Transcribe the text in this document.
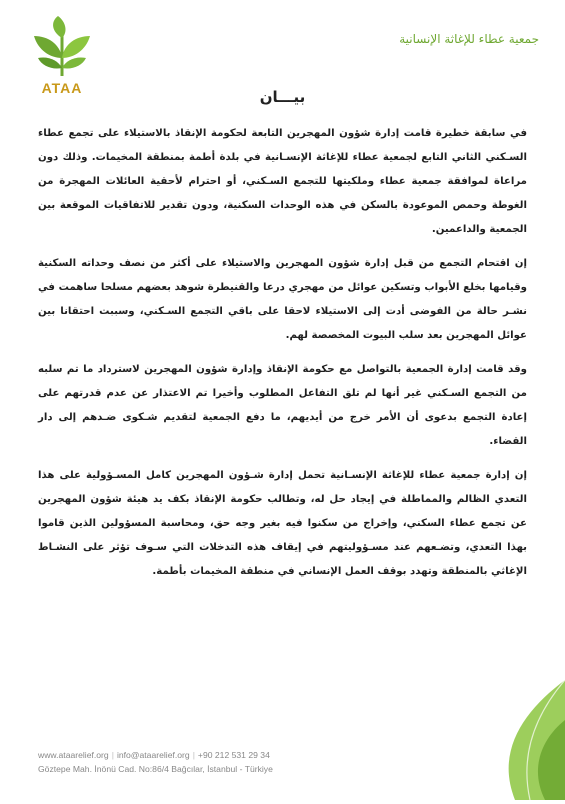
ATAA
جمعية عطاء للإغاثة الإنسانية
بيـــان

في سابقة خطيرة قامت إدارة شؤون المهجرين التابعة لحكومة الإنقاذ بالاستيلاء على تجمع عطاء السـكني الثاني التابع لجمعية عطاء للإغاثة الإنسـانية في بلدة أطمة بمنطقة المخيمات. وذلك دون مراعاة لموافقة جمعية عطاء وملكيتها للتجمع السـكني، أو احترام لأحقية العائلات المهجرة من الغوطة وحمص الموعودة بالسكن في هذه الوحدات السكنية، ودون تقدير للاتفاقيات الموقعة بين الجمعية والداعمين.

إن اقتحام التجمع من قبل إدارة شؤون المهجرين والاستيلاء على أكثر من نصف وحداته السكنية وقيامها بخلع الأبواب وتسكين عوائل من مهجري درعا والقنيطرة شوهد بعضهم مسلحا ساهمت في نشـر حالة من الفوضى أدت إلى الاستيلاء لاحقا على باقي التجمع السـكني، وسببت احتقانا بين عوائل المهجرين بعد سلب البيوت المخصصة لهم.

وقد قامت إدارة الجمعية بالتواصل مع حكومة الإنقاذ وإدارة شؤون المهجرين لاسترداد ما تم سلبه من التجمع السـكني غير أنها لم تلق التفاعل المطلوب وأخيرا تم الاعتذار عن عدم قدرتهم على إعادة التجمع بدعوى أن الأمر خرج من أيديهم، ما دفع الجمعية لتقديم شـكوى ضـدهم إلى دار القضاء.

إن إدارة جمعية عطاء للإغاثة الإنسـانية تحمل إدارة شـؤون المهجرين كامل المسـؤولية على هذا التعدي الظالم والمماطلة في إيجاد حل له، وتطالب حكومة الإنقاذ بكف يد هيئة شؤون المهجرين عن تجمع عطاء السكني، وإخراج من سكنوا فيه بغير وجه حق، ومحاسبة المسؤولين الذين قاموا بهذا التعدي، وتضـعهم عند مسـؤوليتهم في إيقاف هذه التدخلات التي سـوف تؤثر على النشـاط الإغاثي بالمنطقة وتهدد بوقف العمل الإنساني في منطقة المخيمات بأطمة.

www.ataarelief.org | info@ataarelief.org | +90 212 531 29 34
Göztepe Mah. İnönü Cad. No:86/4 Bağcılar, İstanbul - Türkiye
